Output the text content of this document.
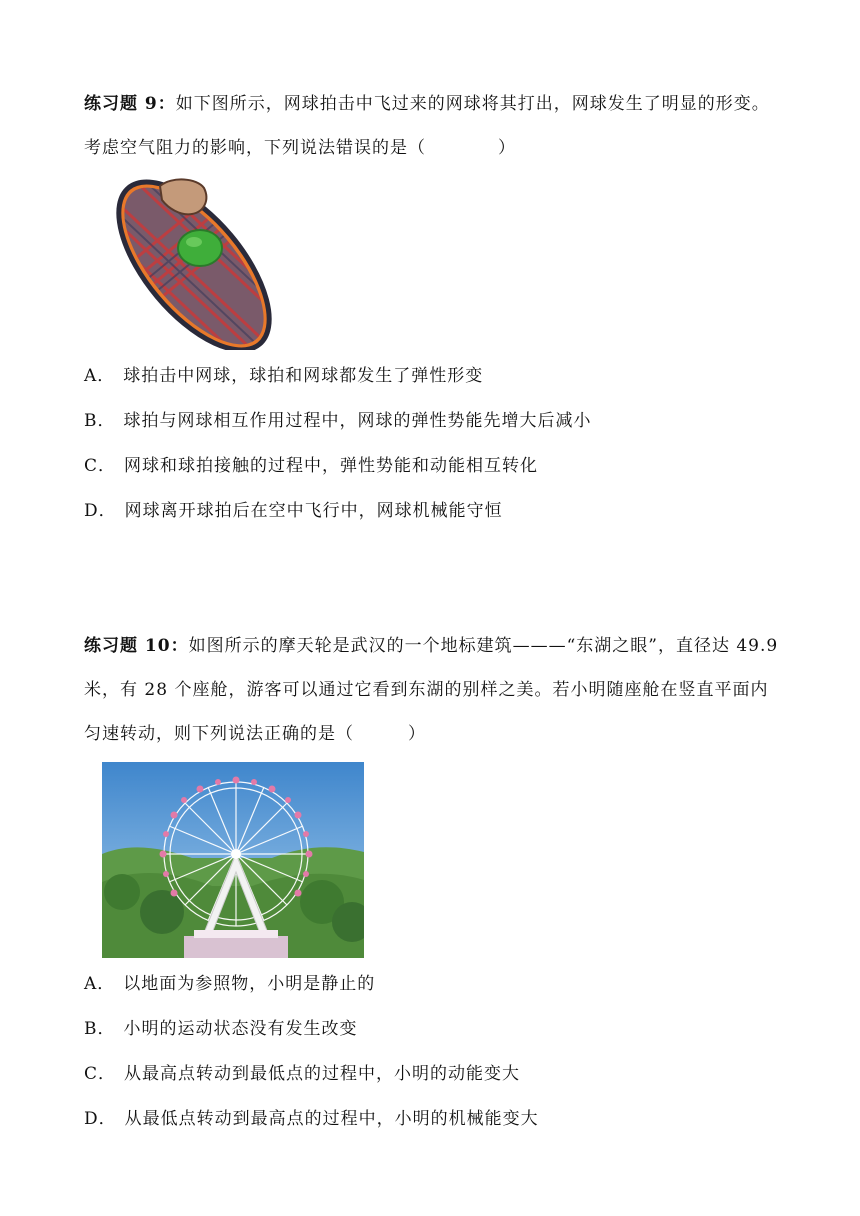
练习题 9：如下图所示，网球拍击中飞过来的网球将其打出，网球发生了明显的形变。考虑空气阻力的影响，下列说法错误的是（　　　　）
A． 球拍击中网球，球拍和网球都发生了弹性形变
B． 球拍与网球相互作用过程中，网球的弹性势能先增大后减小
C． 网球和球拍接触的过程中，弹性势能和动能相互转化
D． 网球离开球拍后在空中飞行中，网球机械能守恒
练习题 10：如图所示的摩天轮是武汉的一个地标建筑———“东湖之眼”，直径达 49.9 米，有 28 个座舱，游客可以通过它看到东湖的别样之美。若小明随座舱在竖直平面内匀速转动，则下列说法正确的是（　　　）
A． 以地面为参照物，小明是静止的
B． 小明的运动状态没有发生改变
C． 从最高点转动到最低点的过程中，小明的动能变大
D． 从最低点转动到最高点的过程中，小明的机械能变大
